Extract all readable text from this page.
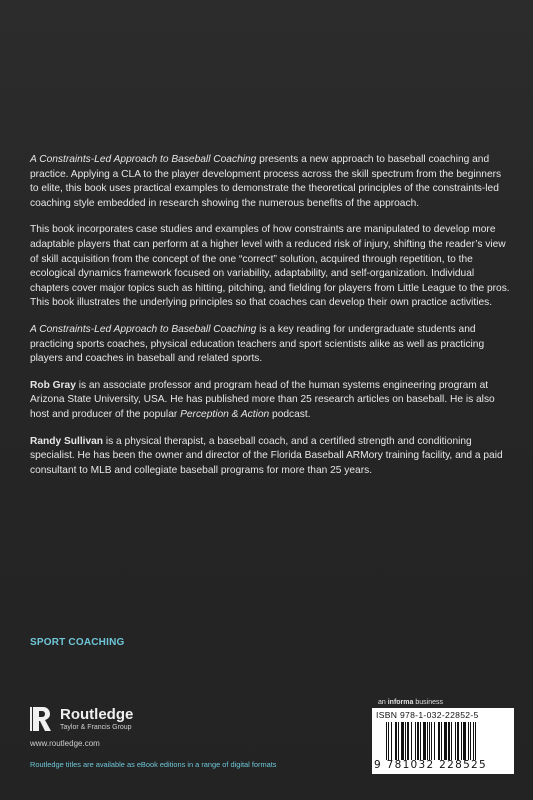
A Constraints-Led Approach to Baseball Coaching presents a new approach to baseball coaching and practice. Applying a CLA to the player development process across the skill spectrum from the beginners to elite, this book uses practical examples to demonstrate the theoretical principles of the constraints-led coaching style embedded in research showing the numerous benefits of the approach.

This book incorporates case studies and examples of how constraints are manipulated to develop more adaptable players that can perform at a higher level with a reduced risk of injury, shifting the reader’s view of skill acquisition from the concept of the one “correct” solution, acquired through repetition, to the ecological dynamics framework focused on variability, adaptability, and self-organization. Individual chapters cover major topics such as hitting, pitching, and fielding for players from Little League to the pros. This book illustrates the underlying principles so that coaches can develop their own practice activities.

A Constraints-Led Approach to Baseball Coaching is a key reading for undergraduate students and practicing sports coaches, physical education teachers and sport scientists alike as well as practicing players and coaches in baseball and related sports.

Rob Gray is an associate professor and program head of the human systems engineering program at Arizona State University, USA. He has published more than 25 research articles on baseball. He is also host and producer of the popular Perception & Action podcast.

Randy Sullivan is a physical therapist, a baseball coach, and a certified strength and conditioning specialist. He has been the owner and director of the Florida Baseball ARMory training facility, and a paid consultant to MLB and collegiate baseball programs for more than 25 years.

SPORT COACHING
Routledge
Taylor & Francis Group
www.routledge.com
an informa business
ISBN 978-1-032-22852-5
9 781032 228525
Routledge titles are available as eBook editions in a range of digital formats
